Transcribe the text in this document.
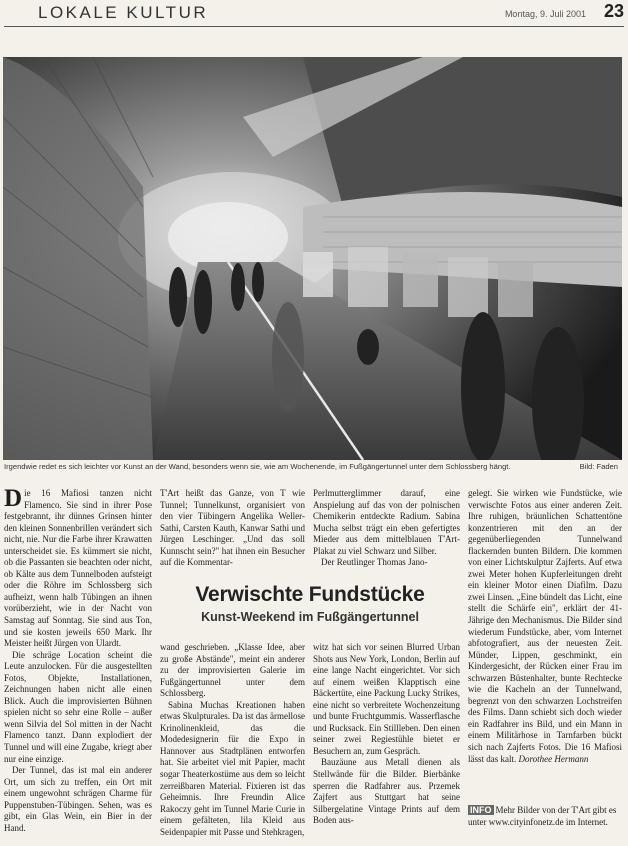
LOKALE KULTUR	Montag, 9. Juli 2001 23
Irgendwie redet es sich leichter vor Kunst an der Wand, besonders wenn sie, wie am Wochenende, im Fußgängertunnel unter dem Schlossberg hängt.	Bild: Faden

Die 16 Mafiosi tanzen nicht Flamenco. Sie sind in ihrer Pose festgebrannt, ihr dünnes Grinsen hinter den kleinen Sonnenbrillen verändert sich nicht, nie. Nur die Farbe ihrer Krawatten unterscheidet sie. Es kümmert sie nicht, ob die Passanten sie beachten oder nicht, ob Kälte aus dem Tunnelboden aufsteigt oder die Röhre im Schlossberg sich aufheizt, wenn halb Tübingen an ihnen vorüberzieht, wie in der Nacht von Samstag auf Sonntag. Sie sind aus Ton, und sie kosten jeweils 650 Mark. Ihr Meister heißt Jürgen von Ulardt.

Die schräge Location scheint die Leute anzulocken. Für die ausgestellten Fotos, Objekte, Installationen, Zeichnungen haben nicht alle einen Blick. Auch die improvisierten Bühnen spielen nicht so sehr eine Rolle – außer wenn Silvia del Sol mitten in der Nacht Flamenco tanzt. Dann explodiert der Tunnel und will eine Zugabe, kriegt aber nur eine einzige.

Der Tunnel, das ist mal ein anderer Ort, um sich zu treffen, ein Ort mit einem ungewohnt schrägen Charme für Puppenstuben-Tübingen. Sehen, was es gibt, ein Glas Wein, ein Bier in der Hand.

T'Art heißt das Ganze, von T wie Tunnel; Tunnelkunst, organisiert von den vier Tübingern Angelika Weller-Sathi, Carsten Kauth, Kanwar Sathi und Jürgen Leschinger. „Und das soll Kunnscht sein?" hat ihnen ein Besucher auf die Kommentar-

Perlmutterglimmer darauf, eine Anspielung auf das von der polnischen Chemikerin entdeckte Radium. Sabina Mucha selbst trägt ein eben gefertigtes Mieder aus dem mittelblauen T'Art-Plakat zu viel Schwarz und Silber.

Der Reutlinger Thomas Jano-

Verwischte Fundstücke
Kunst-Weekend im Fußgängertunnel

wand geschrieben. „Klasse Idee, aber zu große Abstände", meint ein anderer zu der improvisierten Galerie im Fußgängertunnel unter dem Schlossberg.

Sabina Muchas Kreationen haben etwas Skulpturales. Da ist das ärmellose Krinolinenkleid, das die Modedesignerin für die Expo in Hannover aus Stadtplänen entworfen hat. Sie arbeitet viel mit Papier, macht sogar Theaterkostüme aus dem so leicht zerreißbaren Material. Fixieren ist das Geheimnis. Ihre Freundin Alice Rakoczy geht im Tunnel Marie Curie in einem gefälteten, lila Kleid aus Seidenpapier mit Passe und Stehkragen,

witz hat sich vor seinen Blurred Urban Shots aus New York, London, Berlin auf eine lange Nacht eingerichtet. Vor sich auf einem weißen Klapptisch eine Bäckertüte, eine Packung Lucky Strikes, eine nicht so verbreitete Wochenzeitung und bunte Fruchtgummis. Wasserflasche und Rucksack. Ein Stillleben. Den einen seiner zwei Regiestühle bietet er Besuchern an, zum Gespräch.

Bauzäune aus Metall dienen als Stellwände für die Bilder. Bierbänke sperren die Radfahrer aus. Przemek Zajfert aus Stuttgart hat seine Silbergelatine Vintage Prints auf dem Boden aus-

gelegt. Sie wirken wie Fundstücke, wie verwischte Fotos aus einer anderen Zeit. Ihre ruhigen, bräunlichen Schattentöne konzentrieren mit den an der gegenüberliegenden Tunnelwand flackernden bunten Bildern. Die kommen von einer Lichtskulptur Zajferts. Auf etwa zwei Meter hohen Kupferleitungen dreht ein kleiner Motor einen Diafilm. Dazu zwei Linsen. „Eine bündelt das Licht, eine stellt die Schärfe ein", erklärt der 41-Jährige den Mechanismus. Die Bilder sind wiederum Fundstücke, aber, vom Internet abfotografiert, aus der neuesten Zeit. Münder, Lippen, geschminkt, ein Kindergesicht, der Rücken einer Frau im schwarzen Büstenhalter, bunte Rechtecke wie die Kacheln an der Tunnelwand, begrenzt von den schwarzen Lochstreifen des Films. Dann schiebt sich doch wieder ein Radfahrer ins Bild, und ein Mann in einem Militärhose in Tarnfarben bückt sich nach Zajferts Fotos. Die 16 Mafiosi lässt das kalt. Dorothee Hermann

INFO Mehr Bilder von der T'Art gibt es unter www.cityinfonetz.de im Internet.
